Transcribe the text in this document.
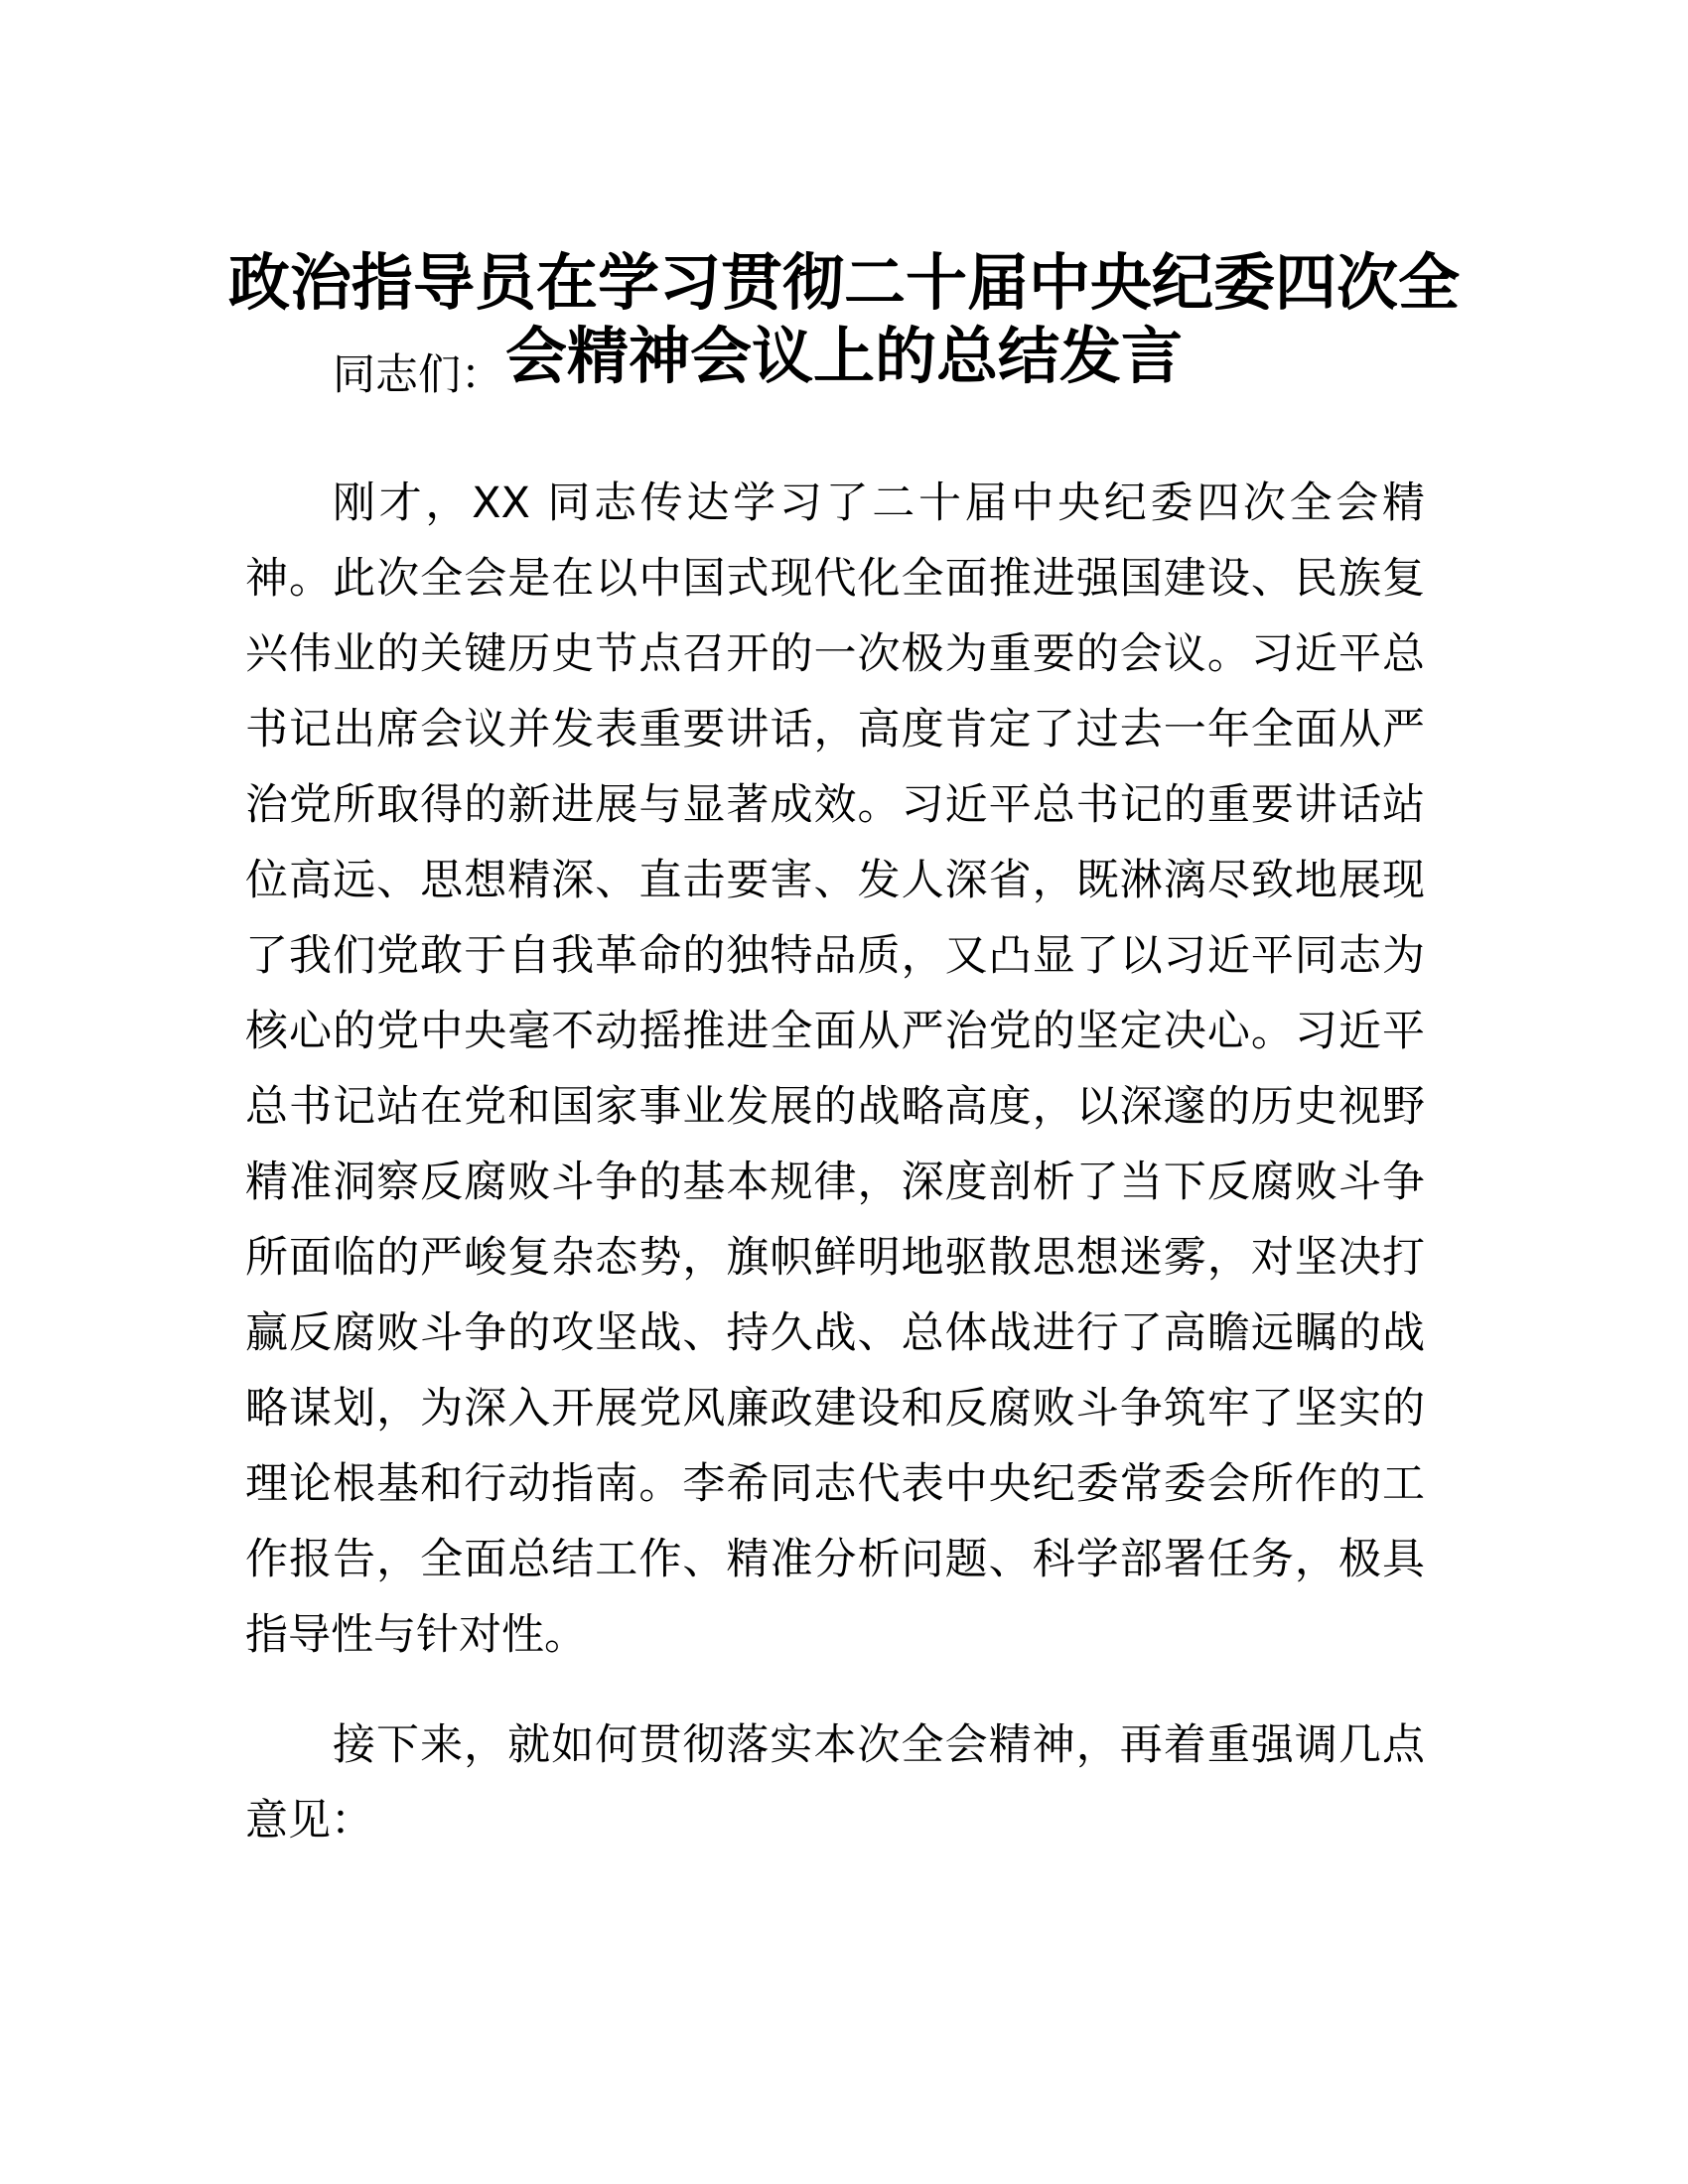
政治指导员在学习贯彻二十届中央纪委四次全
会精神会议上的总结发言
同志们：
刚才，XX 同志传达学习了二十届中央纪委四次全会精
神。此次全会是在以中国式现代化全面推进强国建设、民族复
兴伟业的关键历史节点召开的一次极为重要的会议。习近平总
书记出席会议并发表重要讲话，高度肯定了过去一年全面从严
治党所取得的新进展与显著成效。习近平总书记的重要讲话站
位高远、思想精深、直击要害、发人深省，既淋漓尽致地展现
了我们党敢于自我革命的独特品质，又凸显了以习近平同志为
核心的党中央毫不动摇推进全面从严治党的坚定决心。习近平
总书记站在党和国家事业发展的战略高度，以深邃的历史视野
精准洞察反腐败斗争的基本规律，深度剖析了当下反腐败斗争
所面临的严峻复杂态势，旗帜鲜明地驱散思想迷雾，对坚决打
赢反腐败斗争的攻坚战、持久战、总体战进行了高瞻远瞩的战
略谋划，为深入开展党风廉政建设和反腐败斗争筑牢了坚实的
理论根基和行动指南。李希同志代表中央纪委常委会所作的工
作报告，全面总结工作、精准分析问题、科学部署任务，极具
指导性与针对性。
接下来，就如何贯彻落实本次全会精神，再着重强调几点
意见：
